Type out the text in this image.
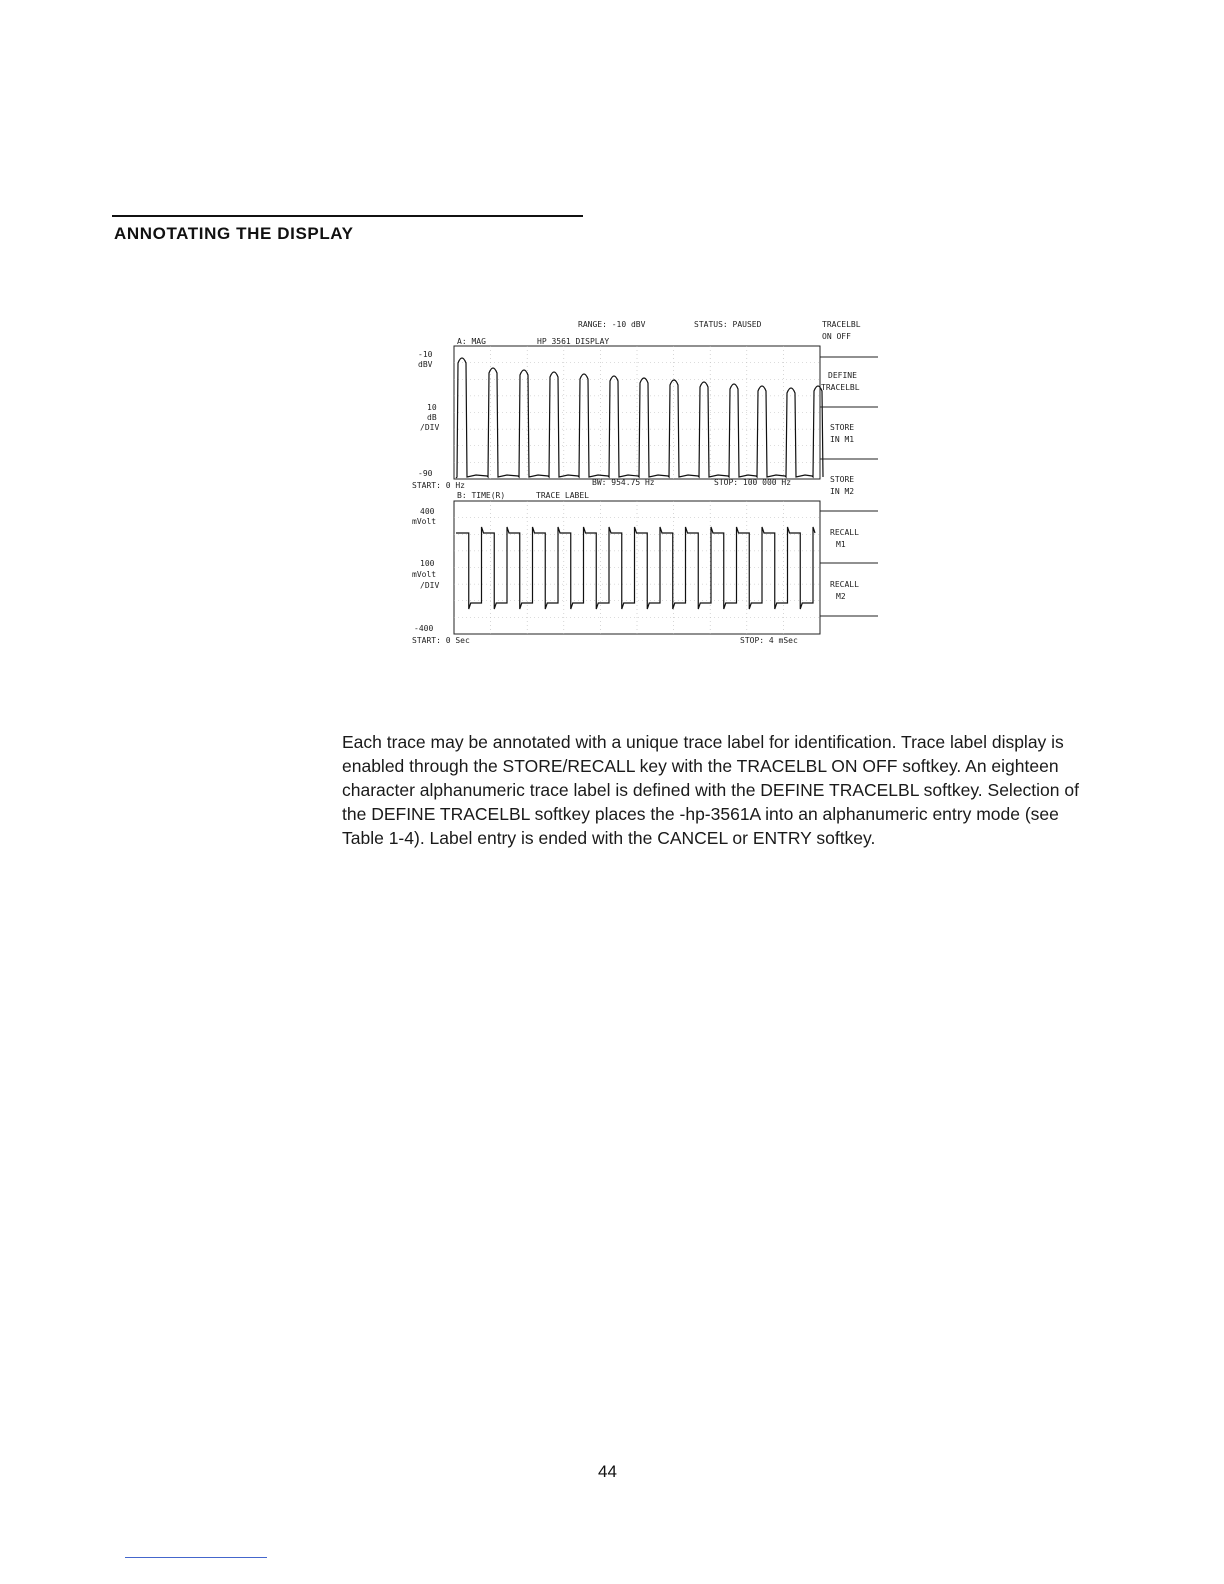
ANNOTATING THE DISPLAY
RANGE: -10 dBV	STATUS: PAUSED	TRACELBL
ON OFF
A: MAG	HP 3561 DISPLAY
-10
dBV
10
dB
/DIV
-90
START: 0 Hz	BW: 954.75 Hz	STOP: 100 000 Hz
B: TIME(R)	TRACE LABEL
400
mVolt
100
mVolt
/DIV
-400
START: 0 Sec	STOP: 4 mSec
DEFINE
TRACELBL
STORE
IN M1
STORE
IN M2
RECALL
M1
RECALL
M2
Each trace may be annotated with a unique trace label for identification. Trace label display is enabled through the STORE/RECALL key with the TRACELBL ON OFF softkey. An eighteen character alphanumeric trace label is defined with the DEFINE TRACELBL softkey. Selection of the DEFINE TRACELBL softkey places the -hp-3561A into an alphanumeric entry mode (see Table 1-4). Label entry is ended with the CANCEL or ENTRY softkey.
44
